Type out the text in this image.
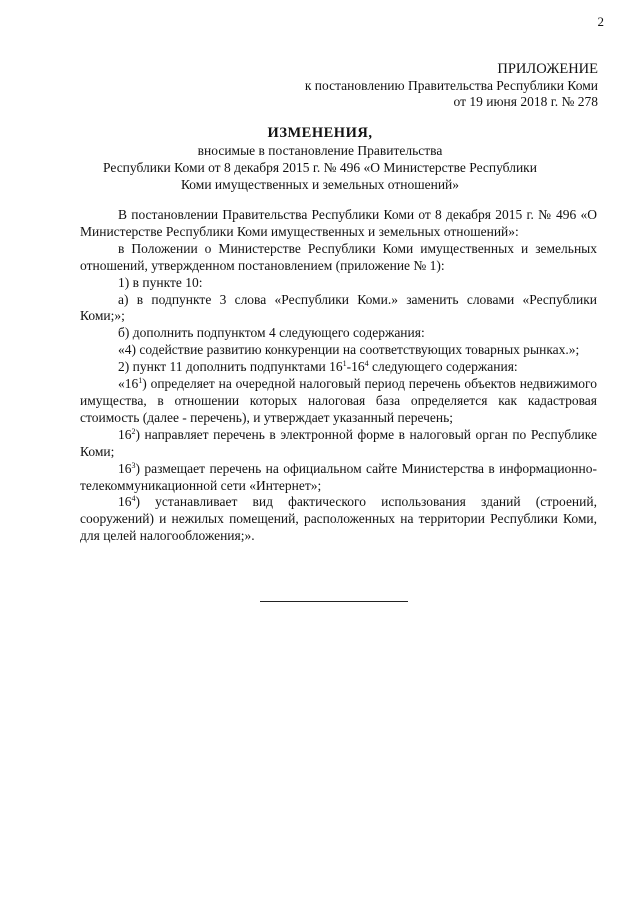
2
ПРИЛОЖЕНИЕ
к постановлению Правительства Республики Коми
от 19 июня 2018 г. № 278
ИЗМЕНЕНИЯ,
вносимые в постановление Правительства
Республики Коми от 8 декабря 2015 г. № 496 «О Министерстве Республики
Коми имущественных и земельных отношений»

В постановлении Правительства Республики Коми от 8 декабря 2015 г. № 496 «О Министерстве Республики Коми имущественных и земельных отношений»:

в Положении о Министерстве Республики Коми имущественных и земельных отношений, утвержденном постановлением (приложение № 1):

1) в пункте 10:

а) в подпункте 3 слова «Республики Коми.» заменить словами «Республики Коми;»;

б) дополнить подпунктом 4 следующего содержания:

«4) содействие развитию конкуренции на соответствующих товарных рынках.»;

2) пункт 11 дополнить подпунктами $16^1-16^4$ следующего содержания:

«$16^1$) определяет на очередной налоговый период перечень объектов недвижимого имущества, в отношении которых налоговая база определяется как кадастровая стоимость (далее - перечень), и утверждает указанный перечень;

$16^2$) направляет перечень в электронной форме в налоговый орган по Республике Коми;

$16^3$) размещает перечень на официальном сайте Министерства в информационно-телекоммуникационной сети «Интернет»;

$16^4$) устанавливает вид фактического использования зданий (строений, сооружений) и нежилых помещений, расположенных на территории Республики Коми, для целей налогообложения;».
